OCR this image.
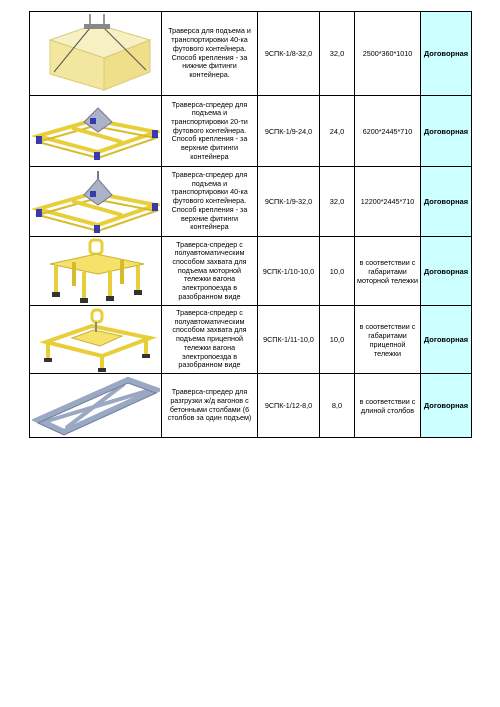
	Траверса для подъема и транспортировки 40-ка футового контейнера. Способ крепления - за нижние фитинги контейнера.	9СПК-1/8-32,0	32,0	2500*360*1010	Договорная

	Траверса-спредер для подъема и транспортировки 20-ти футового контейнера. Способ крепления - за верхние фитинги контейнера	9СПК-1/9-24,0	24,0	6200*2445*710	Договорная

	Траверса-спредер для подъема и транспортировки 40-ка футового контейнера. Способ крепления - за верхние фитинги контейнера	9СПК-1/9-32,0	32,0	12200*2445*710	Договорная

	Траверса-спредер с полуавтоматическим способом захвата для подъема моторной тележки вагона электропоезда в разобранном виде	9СПК-1/10-10,0	10,0	в соответствии с габаритами моторной тележки	Договорная

	Траверса-спредер с полуавтоматическим способом захвата для подъема прицепной тележки вагона электропоезда в разобранном виде	9СПК-1/11-10,0	10,0	в соответствии с габаритами прицепной тележки	Договорная

	Траверса-спредер для разгрузки ж/д вагонов с бетонными столбами (6 столбов за один подъем)	9СПК-1/12-8,0	8,0	в соответствии с длиной столбов	Договорная
